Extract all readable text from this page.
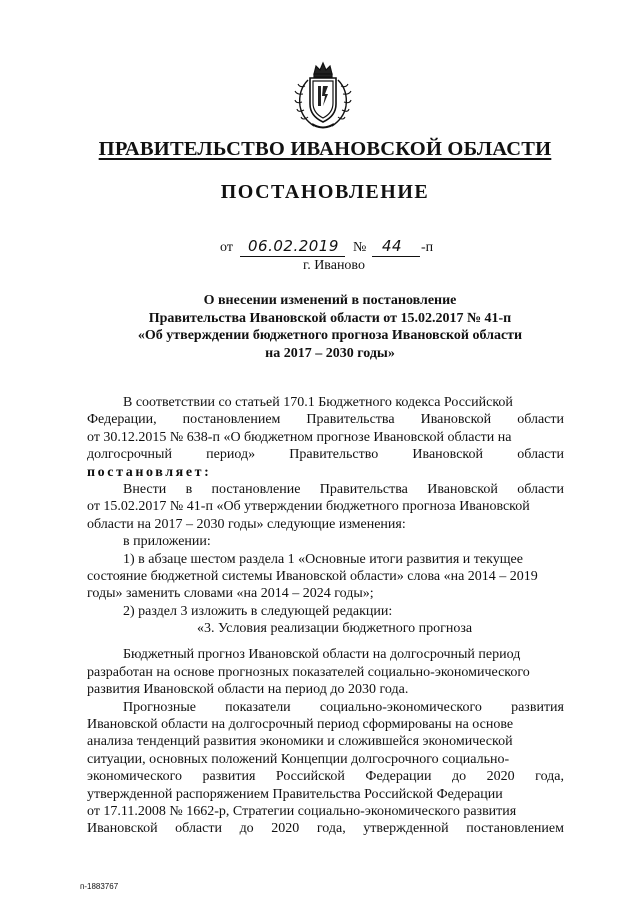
ПРАВИТЕЛЬСТВО ИВАНОВСКОЙ ОБЛАСТИ
ПОСТАНОВЛЕНИЕ
от 06.02.2019 № 44 -п
г. Иваново
О внесении изменений в постановление
Правительства Ивановской области от 15.02.2017 № 41-п
«Об утверждении бюджетного прогноза Ивановской области
на 2017 – 2030 годы»
В соответствии со статьей 170.1 Бюджетного кодекса Российской
Федерации, постановлением Правительства Ивановской области
от 30.12.2015 № 638-п «О бюджетном прогнозе Ивановской области на
долгосрочный период» Правительство Ивановской области
постановляет:
Внести в постановление Правительства Ивановской области
от 15.02.2017 № 41-п «Об утверждении бюджетного прогноза Ивановской
области на 2017 – 2030 годы» следующие изменения:
в приложении:
1) в абзаце шестом раздела 1 «Основные итоги развития и текущее
состояние бюджетной системы Ивановской области» слова «на 2014 – 2019
годы» заменить словами «на 2014 – 2024 годы»;
2) раздел 3 изложить в следующей редакции:
«3. Условия реализации бюджетного прогноза
Бюджетный прогноз Ивановской области на долгосрочный период
разработан на основе прогнозных показателей социально-экономического
развития Ивановской области на период до 2030 года.
Прогнозные показатели социально-экономического развития
Ивановской области на долгосрочный период сформированы на основе
анализа тенденций развития экономики и сложившейся экономической
ситуации, основных положений Концепции долгосрочного социально-
экономического развития Российской Федерации до 2020 года,
утвержденной распоряжением Правительства Российской Федерации
от 17.11.2008 № 1662-р, Стратегии социально-экономического развития
Ивановской области до 2020 года, утвержденной постановлением
п-1883767
